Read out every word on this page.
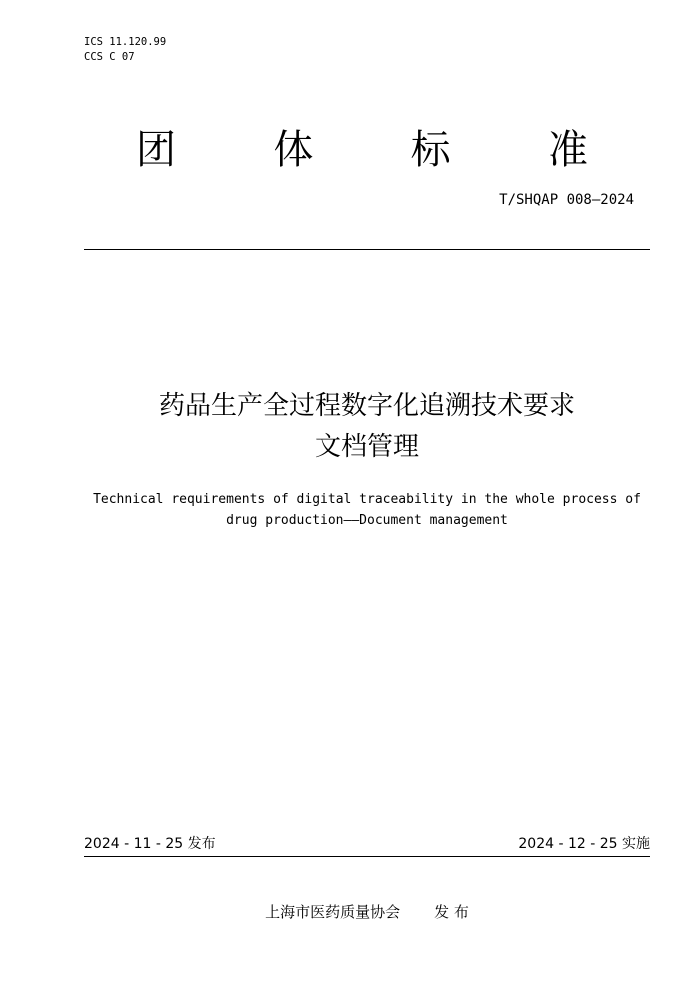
ICS 11.120.99
CCS C 07
团 体 标 准
T/SHQAP 008—2024
药品生产全过程数字化追溯技术要求
文档管理
Technical requirements of digital traceability in the whole process of
drug production——Document management
2024 - 11 - 25 发布	2024 - 12 - 25 实施
上海市医药质量协会 发 布
